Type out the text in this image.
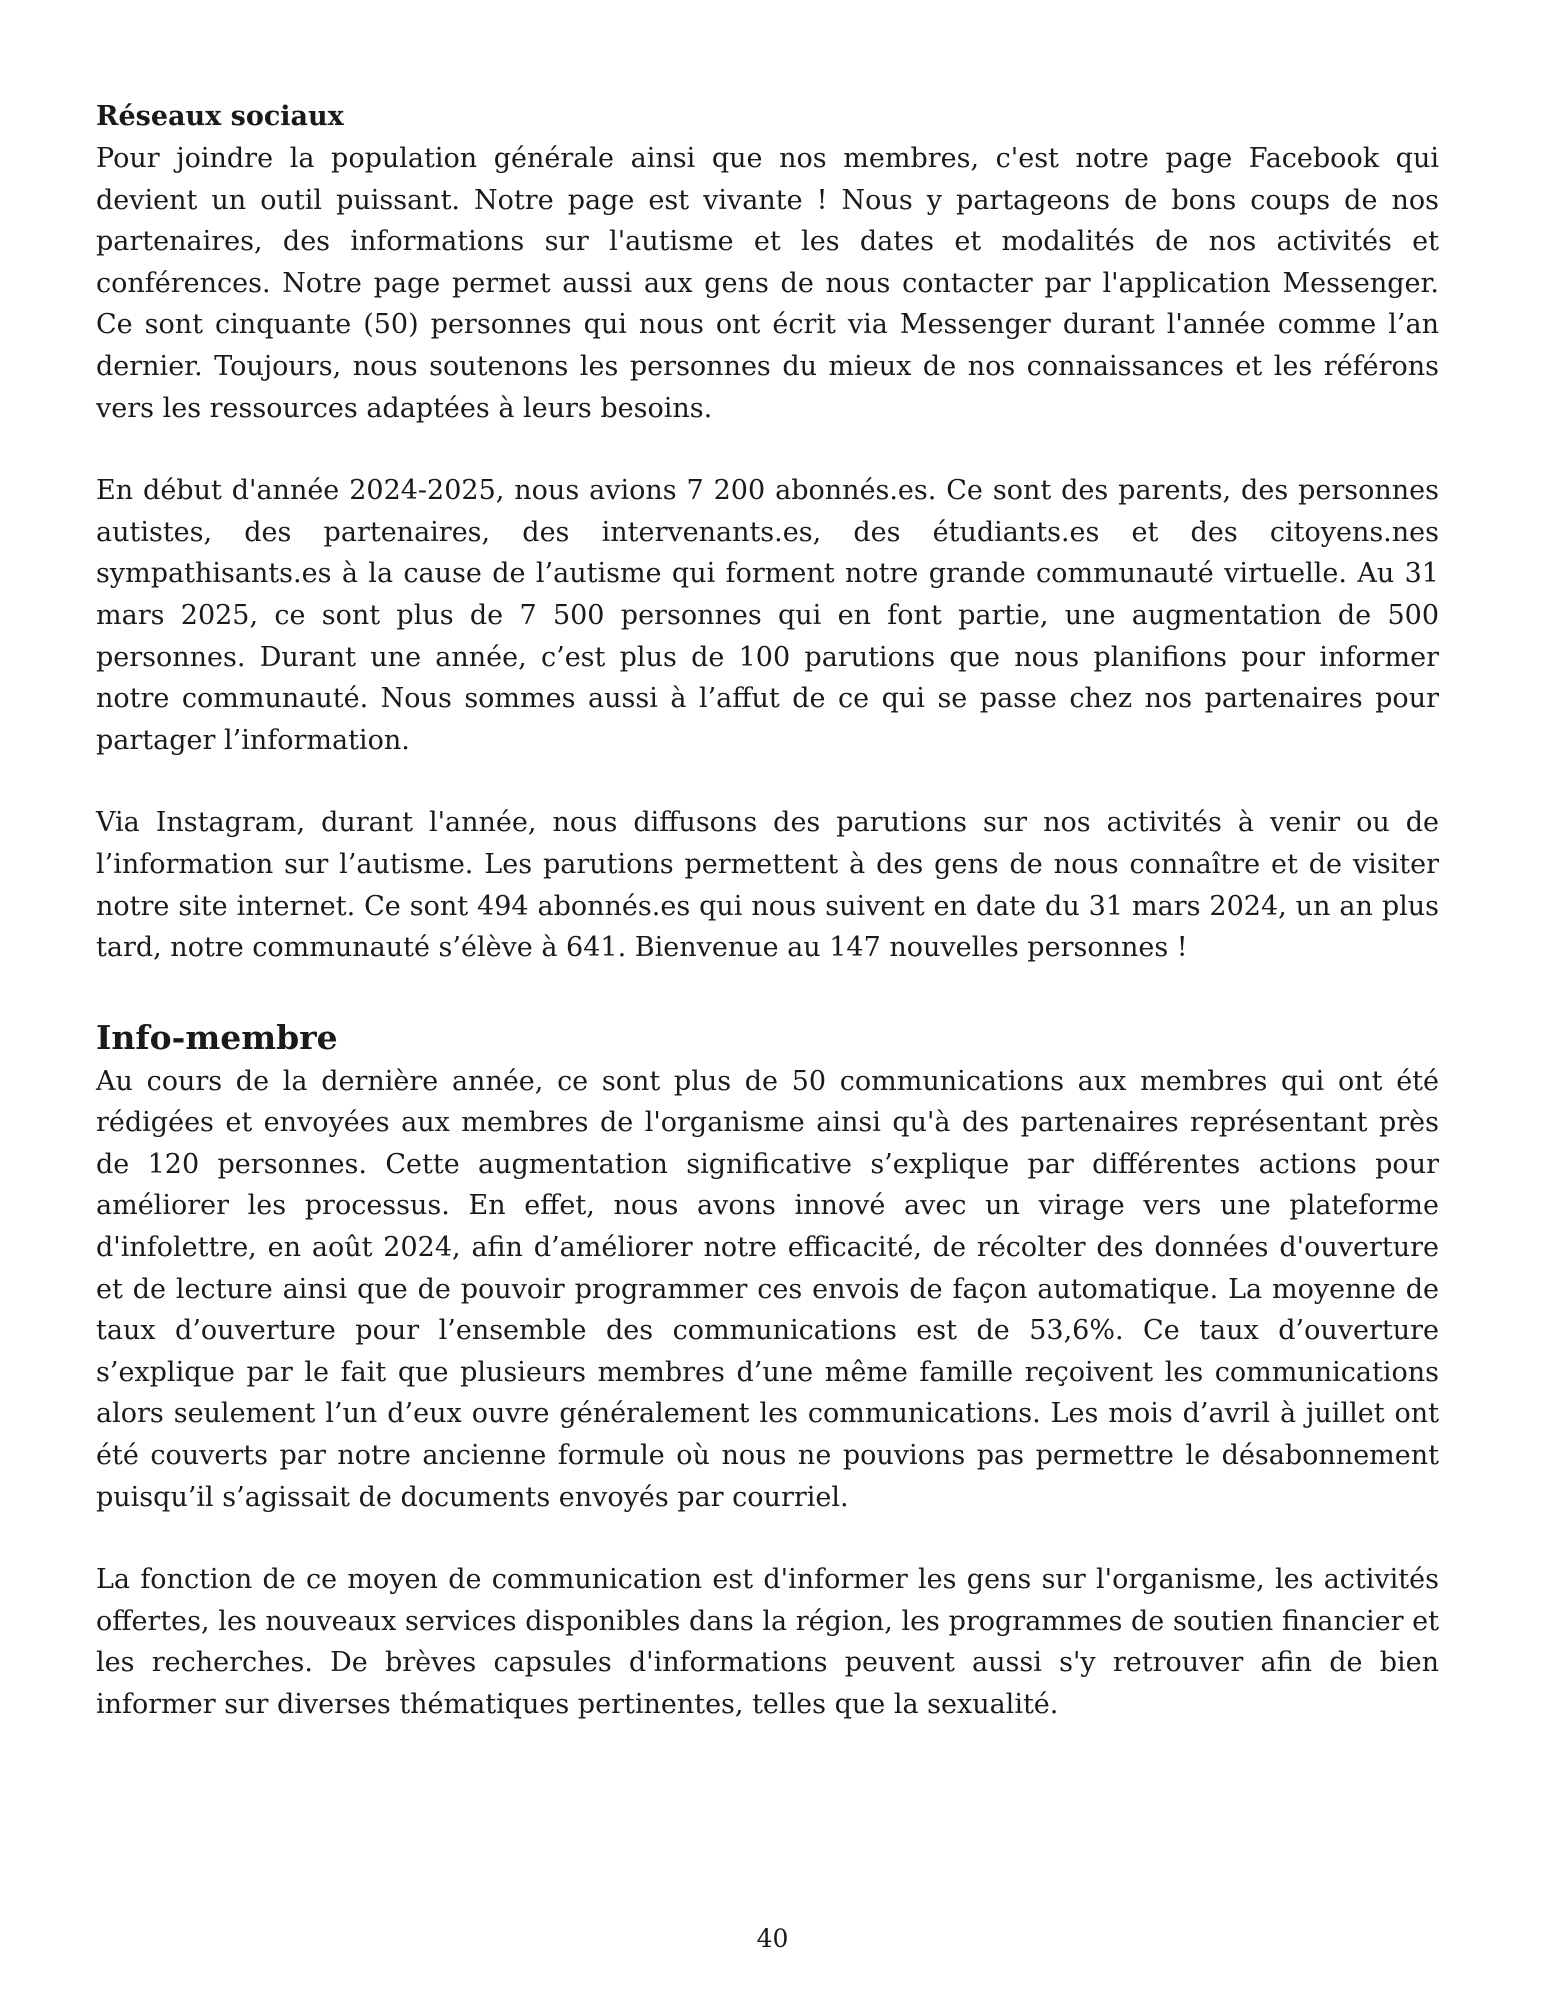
Réseaux sociaux

Pour joindre la population générale ainsi que nos membres, c'est notre page Facebook qui devient un outil puissant. Notre page est vivante ! Nous y partageons de bons coups de nos partenaires, des informations sur l'autisme et les dates et modalités de nos activités et conférences. Notre page permet aussi aux gens de nous contacter par l'application Messenger. Ce sont cinquante (50) personnes qui nous ont écrit via Messenger durant l'année comme l’an dernier. Toujours, nous soutenons les personnes du mieux de nos connaissances et les référons vers les ressources adaptées à leurs besoins.

En début d'année 2024-2025, nous avions 7 200 abonnés.es. Ce sont des parents, des personnes autistes, des partenaires, des intervenants.es, des étudiants.es et des citoyens.nes sympathisants.es à la cause de l’autisme qui forment notre grande communauté virtuelle. Au 31 mars 2025, ce sont plus de 7 500 personnes qui en font partie, une augmentation de 500 personnes. Durant une année, c’est plus de 100 parutions que nous planifions pour informer notre communauté. Nous sommes aussi à l’affut de ce qui se passe chez nos partenaires pour partager l’information.

Via Instagram, durant l'année, nous diffusons des parutions sur nos activités à venir ou de l’information sur l’autisme. Les parutions permettent à des gens de nous connaître et de visiter notre site internet. Ce sont 494 abonnés.es qui nous suivent en date du 31 mars 2024, un an plus tard, notre communauté s’élève à 641. Bienvenue au 147 nouvelles personnes !

Info-membre

Au cours de la dernière année, ce sont plus de 50 communications aux membres qui ont été rédigées et envoyées aux membres de l'organisme ainsi qu'à des partenaires représentant près de 120 personnes. Cette augmentation significative s’explique par différentes actions pour améliorer les processus. En effet, nous avons innové avec un virage vers une plateforme d'infolettre, en août 2024, afin d’améliorer notre efficacité, de récolter des données d'ouverture et de lecture ainsi que de pouvoir programmer ces envois de façon automatique. La moyenne de taux d’ouverture pour l’ensemble des communications est de 53,6%. Ce taux d’ouverture s’explique par le fait que plusieurs membres d’une même famille reçoivent les communications alors seulement l’un d’eux ouvre généralement les communications. Les mois d’avril à juillet ont été couverts par notre ancienne formule où nous ne pouvions pas permettre le désabonnement puisqu’il s’agissait de documents envoyés par courriel.

La fonction de ce moyen de communication est d'informer les gens sur l'organisme, les activités offertes, les nouveaux services disponibles dans la région, les programmes de soutien financier et les recherches. De brèves capsules d'informations peuvent aussi s'y retrouver afin de bien informer sur diverses thématiques pertinentes, telles que la sexualité.

40
